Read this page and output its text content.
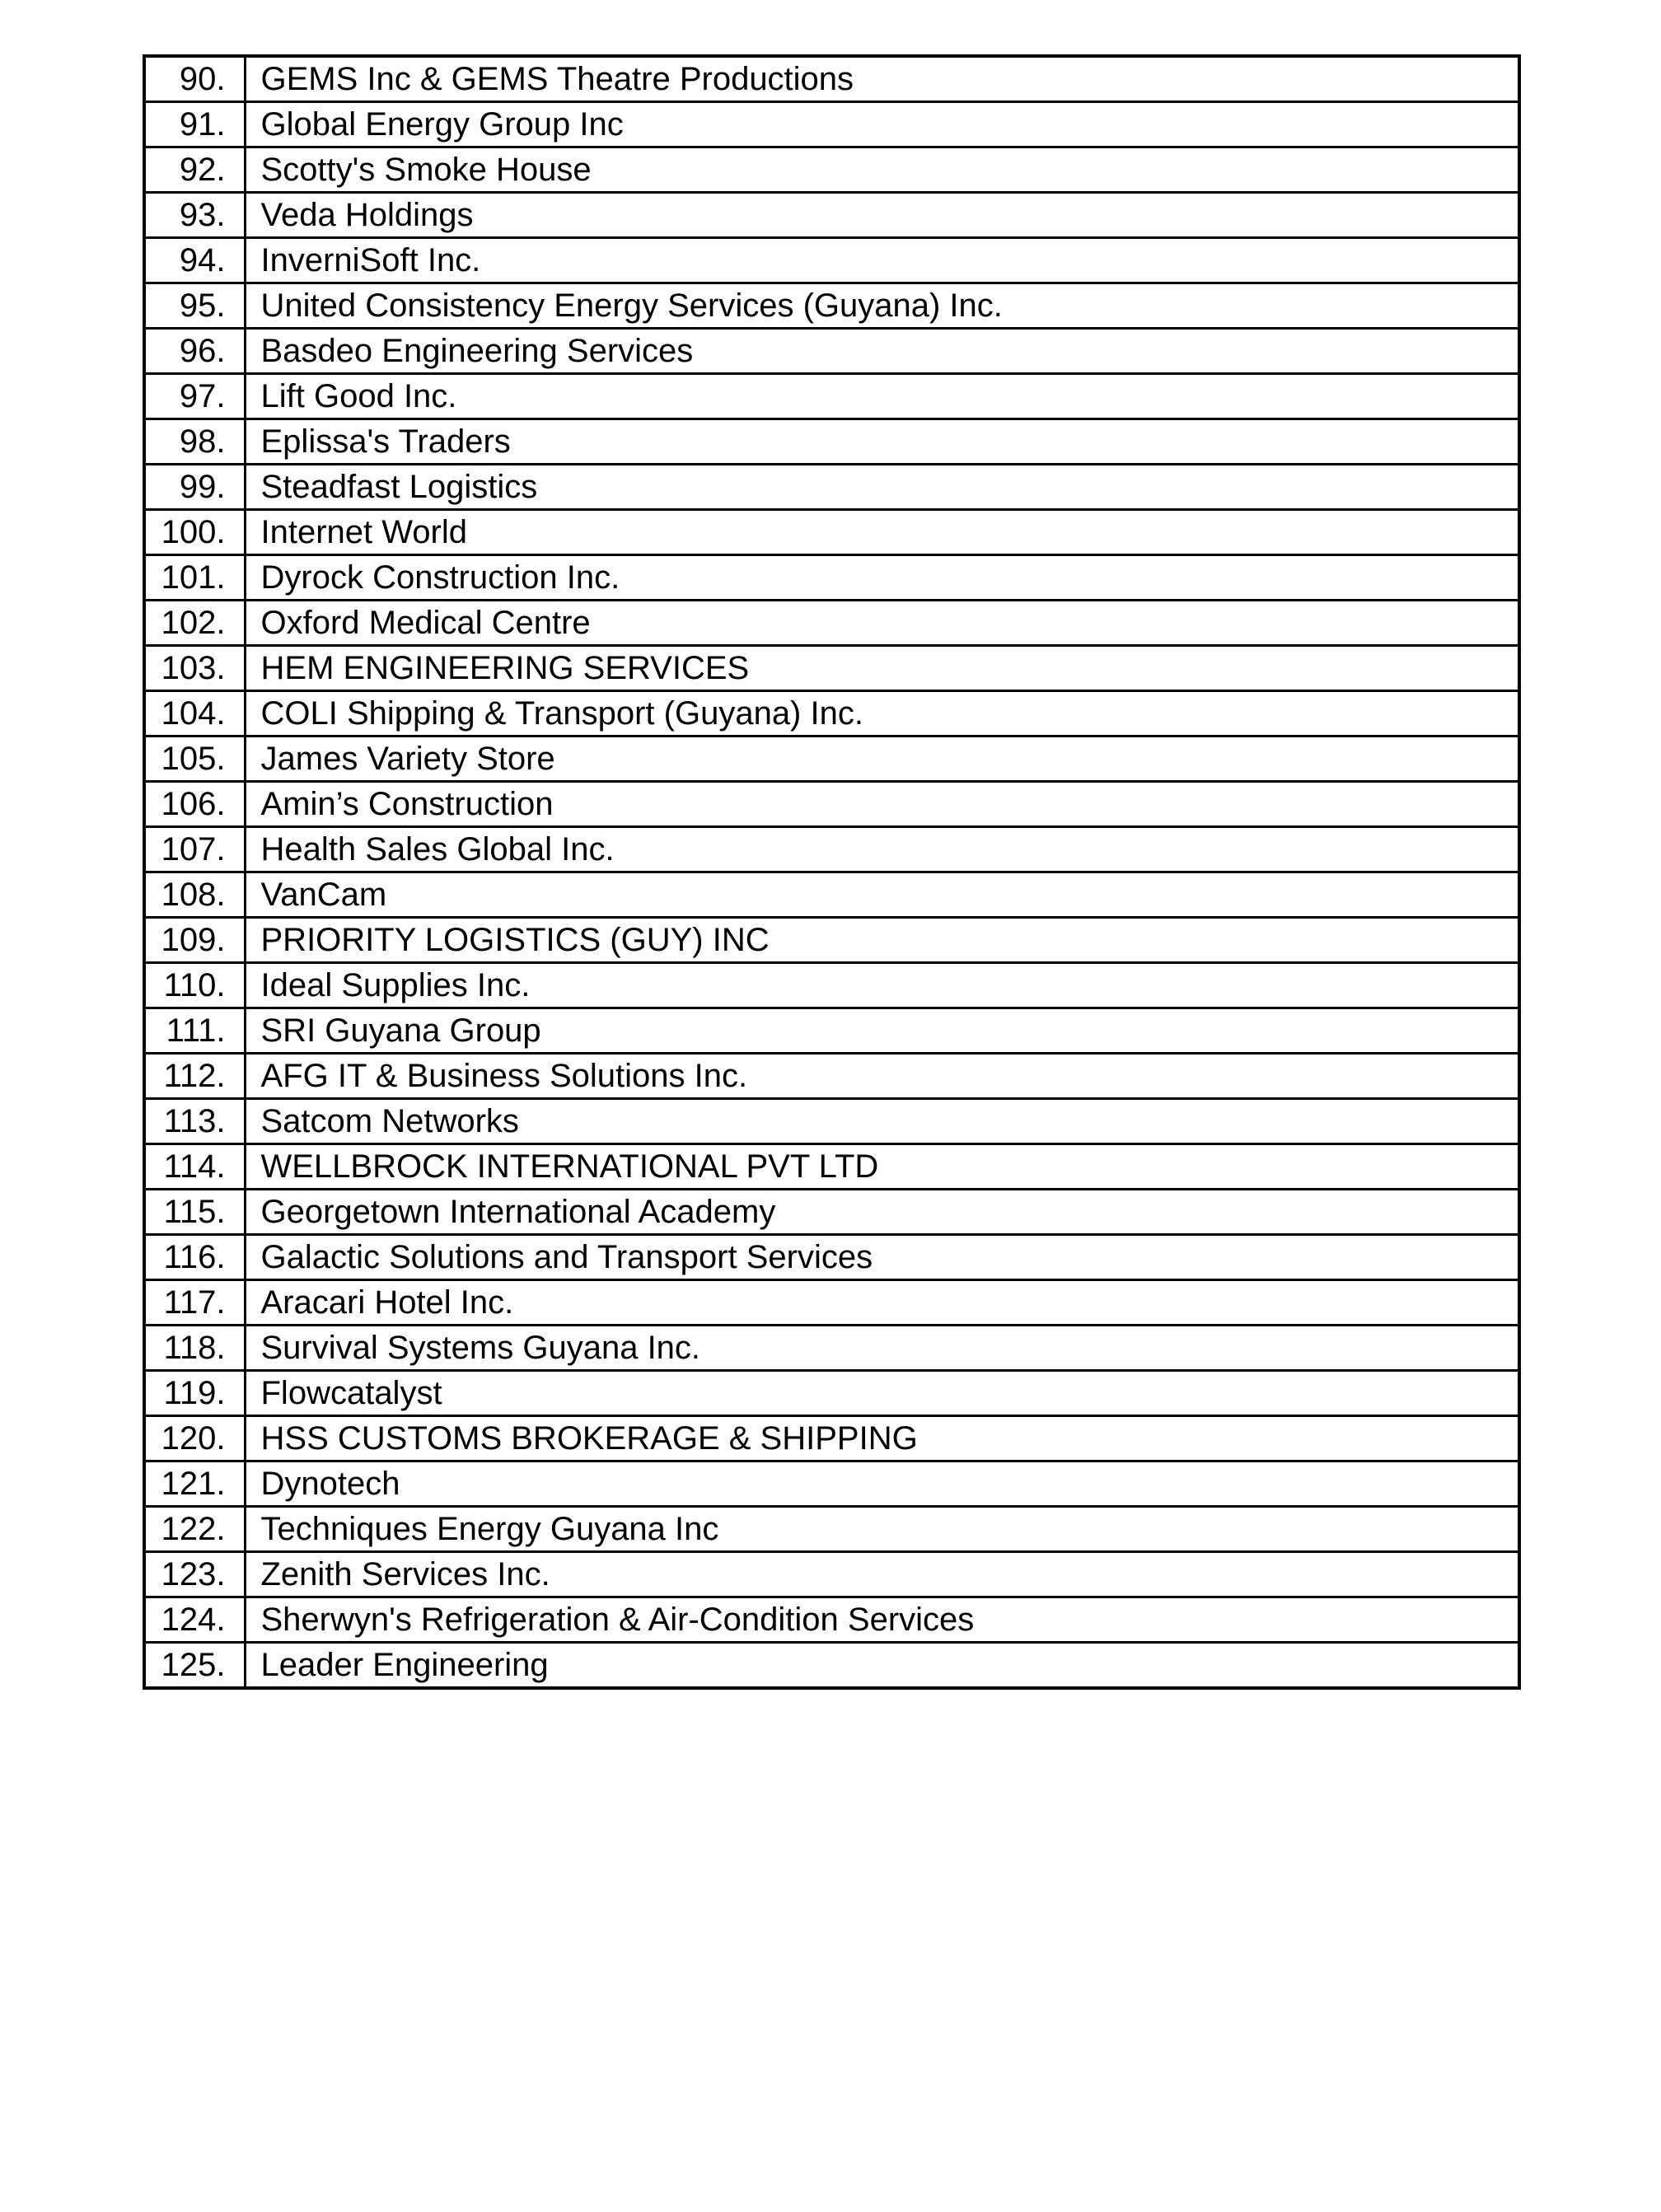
90.	GEMS Inc & GEMS Theatre Productions
91.	Global Energy Group Inc
92.	Scotty's Smoke House
93.	Veda Holdings
94.	InverniSoft Inc.
95.	United Consistency Energy Services (Guyana) Inc.
96.	Basdeo Engineering Services
97.	Lift Good Inc.
98.	Eplissa's Traders
99.	Steadfast Logistics
100.	Internet World
101.	Dyrock Construction Inc.
102.	Oxford Medical Centre
103.	HEM ENGINEERING SERVICES
104.	COLI Shipping & Transport (Guyana) Inc.
105.	James Variety Store
106.	Amin’s Construction
107.	Health Sales Global Inc.
108.	VanCam
109.	PRIORITY LOGISTICS (GUY) INC
110.	Ideal Supplies Inc.
111.	SRI Guyana Group
112.	AFG IT & Business Solutions Inc.
113.	Satcom Networks
114.	WELLBROCK INTERNATIONAL PVT LTD
115.	Georgetown International Academy
116.	Galactic Solutions and Transport Services
117.	Aracari Hotel Inc.
118.	Survival Systems Guyana Inc.
119.	Flowcatalyst
120.	HSS CUSTOMS BROKERAGE & SHIPPING
121.	Dynotech
122.	Techniques Energy Guyana Inc
123.	Zenith Services Inc.
124.	Sherwyn's Refrigeration & Air-Condition Services
125.	Leader Engineering
